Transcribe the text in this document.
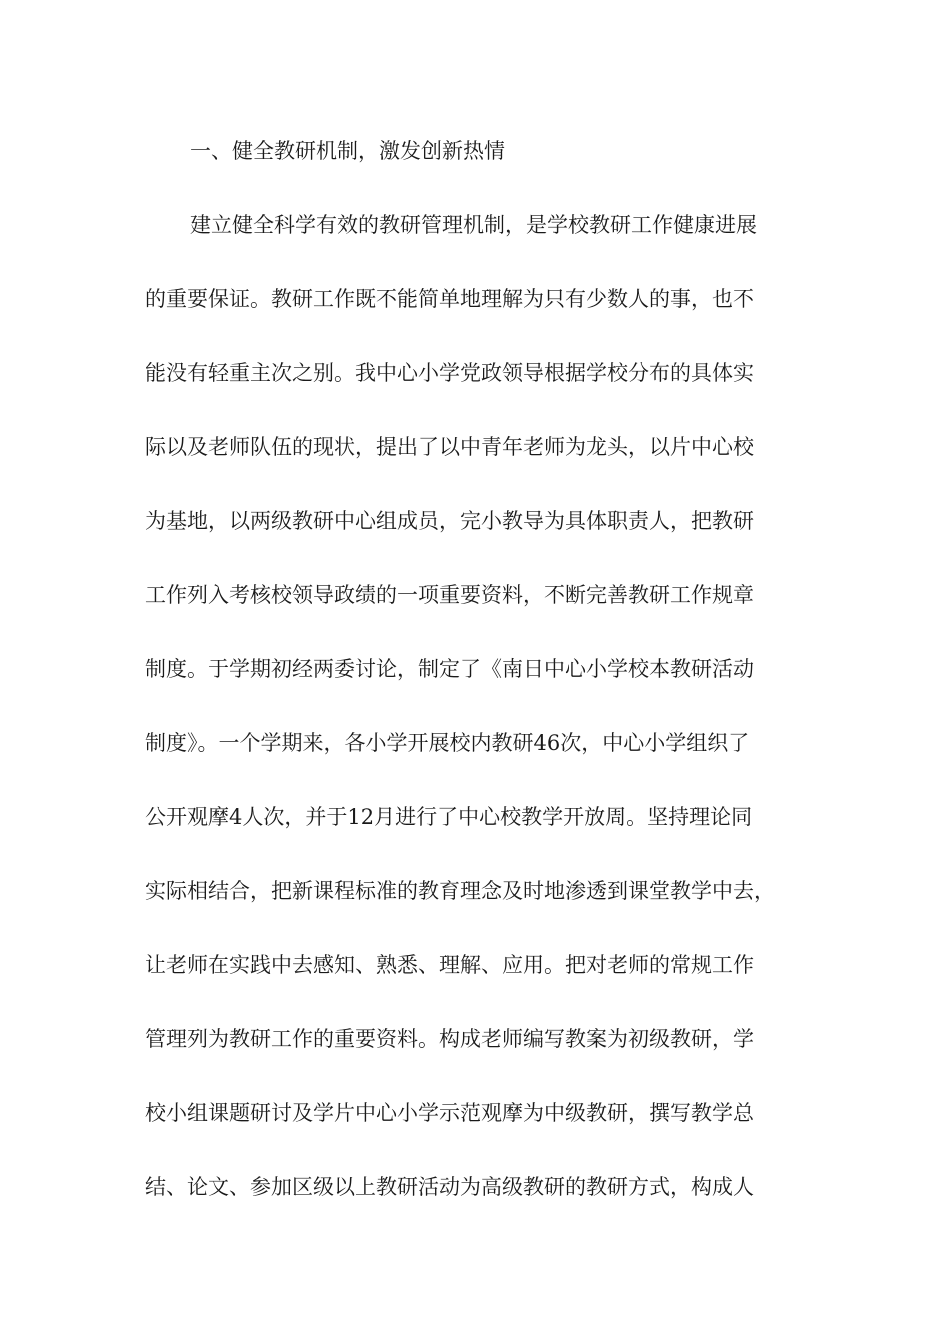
一、健全教研机制，激发创新热情

建立健全科学有效的教研管理机制，是学校教研工作健康进展

的重要保证。教研工作既不能简单地理解为只有少数人的事，也不

能没有轻重主次之别。我中心小学党政领导根据学校分布的具体实

际以及老师队伍的现状，提出了以中青年老师为龙头，以片中心校

为基地，以两级教研中心组成员，完小教导为具体职责人，把教研

工作列入考核校领导政绩的一项重要资料，不断完善教研工作规章

制度。于学期初经两委讨论，制定了《南日中心小学校本教研活动

制度》。一个学期来，各小学开展校内教研46次，中心小学组织了

公开观摩4人次，并于12月进行了中心校教学开放周。坚持理论同

实际相结合，把新课程标准的教育理念及时地渗透到课堂教学中去，

让老师在实践中去感知、熟悉、理解、应用。把对老师的常规工作

管理列为教研工作的重要资料。构成老师编写教案为初级教研，学

校小组课题研讨及学片中心小学示范观摩为中级教研，撰写教学总

结、论文、参加区级以上教研活动为高级教研的教研方式，构成人
